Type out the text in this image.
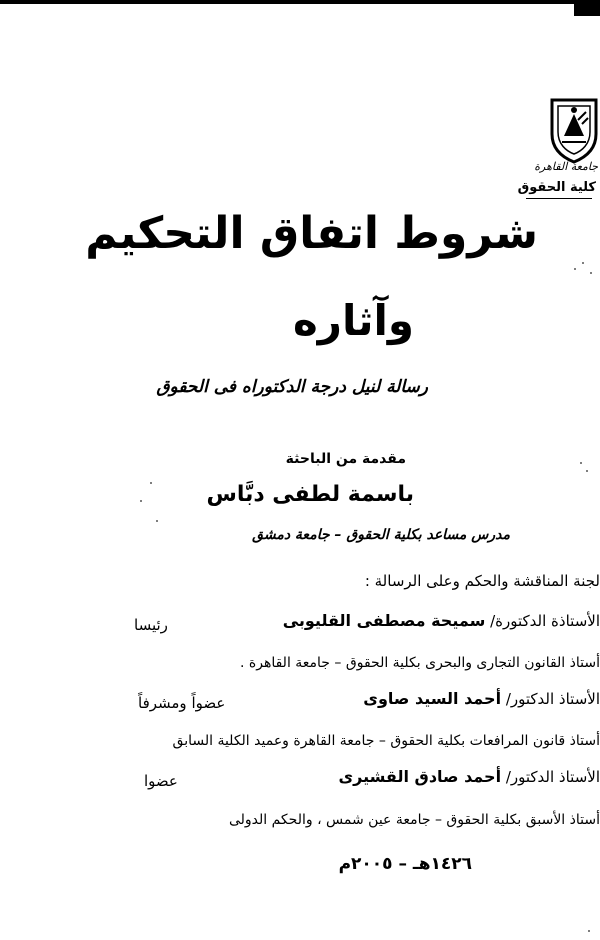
جامعة القاهرة
كلية الحقوق
شروط اتفاق التحكيم
وآثاره
رسالة لنيل درجة الدكتوراه فى الحقوق
مقدمة من الباحثة
باسمة لطفى دبَّاس
مدرس مساعد بكلية الحقوق – جامعة دمشق
لجنة المناقشة والحكم وعلى الرسالة :
الأستاذة الدكتورة/ سميحة مصطفى القليوبى
رئيسا
أستاذ القانون التجارى والبحرى بكلية الحقوق – جامعة القاهرة .
الأستاذ الدكتور/ أحمد السيد صاوى
عضواً ومشرفاً
أستاذ قانون المرافعات بكلية الحقوق – جامعة القاهرة وعميد الكلية السابق
الأستاذ الدكتور/ أحمد صادق القشيرى
عضوا
أستاذ الأسبق بكلية الحقوق – جامعة عين شمس ، والحكم الدولى
١٤٢٦هـ – ٢٠٠٥م
